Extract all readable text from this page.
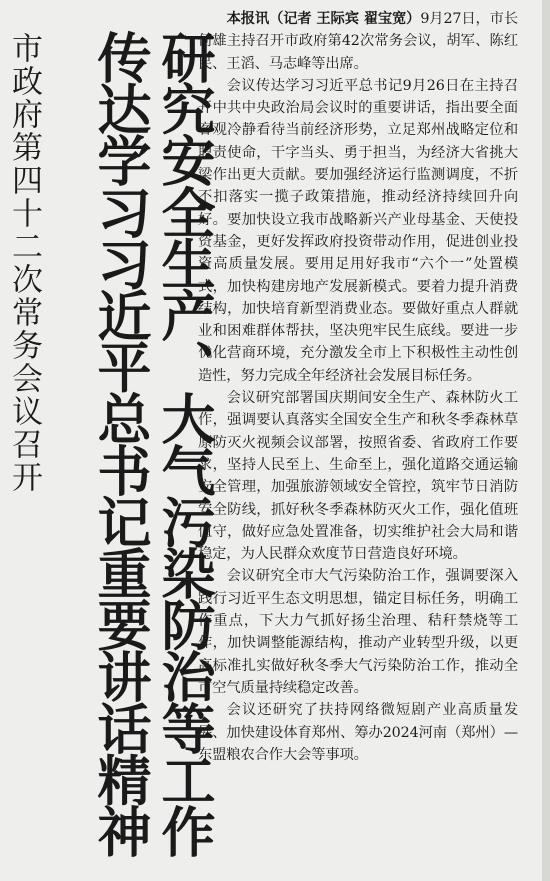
市政府第四十二次常务会议召开	研究安全生产、大气污染防治等工作传达学习习近平总书记重要讲话精神

本报讯（记者 王际宾 翟宝宽）9月27日，市长何雄主持召开市政府第42次常务会议，胡军、陈红民、王滔、马志峰等出席。

会议传达学习习近平总书记9月26日在主持召开中共中央政治局会议时的重要讲话，指出要全面客观冷静看待当前经济形势，立足郑州战略定位和职责使命，干字当头、勇于担当，为经济大省挑大梁作出更大贡献。要加强经济运行监测调度，不折不扣落实一揽子政策措施，推动经济持续回升向好。要加快设立我市战略新兴产业母基金、天使投资基金，更好发挥政府投资带动作用，促进创业投资高质量发展。要用足用好我市“六个一”处置模式，加快构建房地产发展新模式。要着力提升消费结构，加快培育新型消费业态。要做好重点人群就业和困难群体帮扶，坚决兜牢民生底线。要进一步优化营商环境，充分激发全市上下积极性主动性创造性，努力完成全年经济社会发展目标任务。

会议研究部署国庆期间安全生产、森林防火工作，强调要认真落实全国安全生产和秋冬季森林草原防灭火视频会议部署，按照省委、省政府工作要求，坚持人民至上、生命至上，强化道路交通运输安全管理，加强旅游领域安全管控，筑牢节日消防安全防线，抓好秋冬季森林防灭火工作，强化值班值守，做好应急处置准备，切实维护社会大局和谐稳定，为人民群众欢度节日营造良好环境。

会议研究全市大气污染防治工作，强调要深入践行习近平生态文明思想，锚定目标任务，明确工作重点，下大力气抓好扬尘治理、秸秆禁烧等工作，加快调整能源结构，推动产业转型升级，以更高标准扎实做好秋冬季大气污染防治工作，推动全市空气质量持续稳定改善。

会议还研究了扶持网络微短剧产业高质量发展、加快建设体育郑州、筹办2024河南（郑州）—东盟粮农合作大会等事项。
